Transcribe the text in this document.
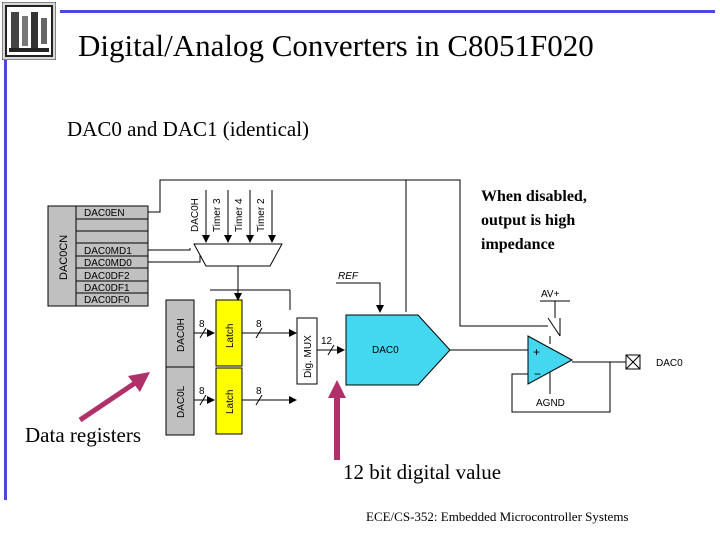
Digital/Analog Converters in C8051F020
DAC0 and DAC1 (identical)
DAC0CN
DAC0EN
DAC0MD1
DAC0MD0
DAC0DF2
DAC0DF1
DAC0DF0
DAC0H Timer 3 Timer 4 Timer 2
DAC0H
DAC0L
Latch
Latch
8
8
8
8
Dig. MUX 12
REF
DAC0	+
−
AV+
AGND
DAC0
When disabled,
output is high
impedance
Data registers
12 bit digital value
ECE/CS-352: Embedded Microcontroller Systems
